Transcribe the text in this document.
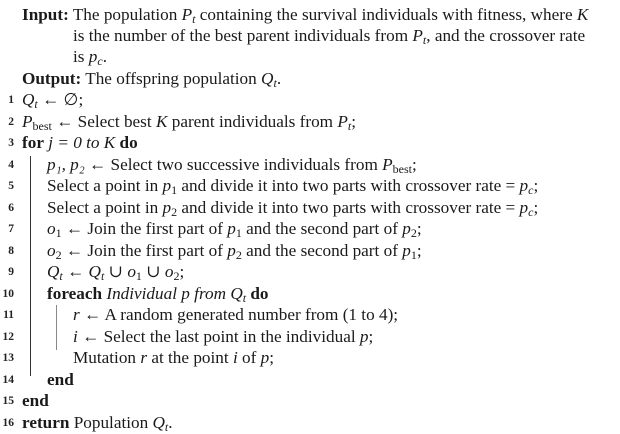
Input: The population $P_t$ containing the survival individuals with fitness, where K
is the number of the best parent individuals from $P_t$, and the crossover rate
is $p_c$.
Output: The offspring population $Q_t$.
1 $Q_t$ ← ∅;
2 $P_{best}$ ← Select best K parent individuals from $P_t$;
3 for j = 0 to K do
4 p₁, p₂ ← Select two successive individuals from $P_{best}$;
5 Select a point in $p_1$ and divide it into two parts with crossover rate = $p_c$;
6 Select a point in $p_2$ and divide it into two parts with crossover rate = $p_c$;
7 $o_1$ ← Join the first part of $p_1$ and the second part of $p_2$;
8 $o_2$ ← Join the first part of $p_2$ and the second part of $p_1$;
9 $Q_t$ ← $Q_t$ ∪ $o_1$ ∪ $o_2$;
10 foreach Individual p from $Q_t$ do
11	r ← A random generated number from (1 to 4);
12	i ← Select the last point in the individual p;
13	Mutation r at the point i of p;
14 end
15 end
16 return Population $Q_t$.
